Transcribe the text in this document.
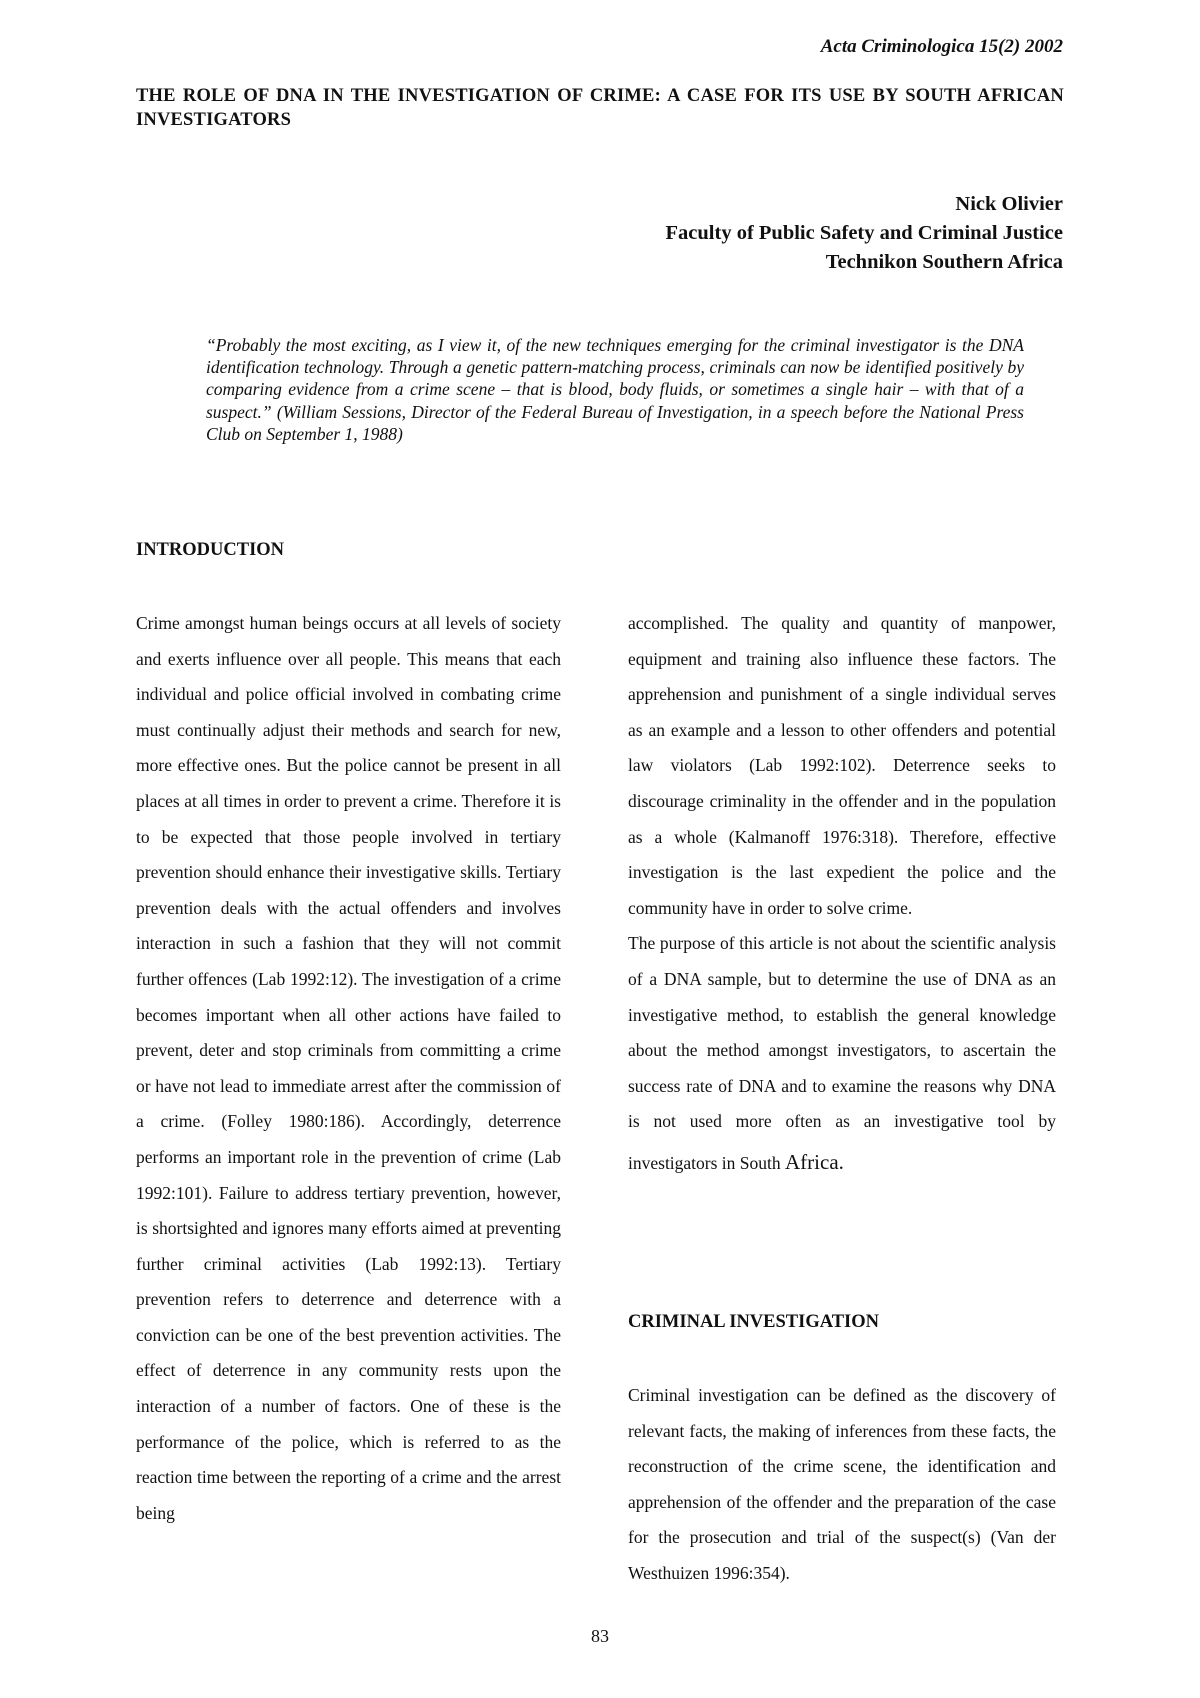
Acta Criminologica 15(2) 2002
THE ROLE OF DNA IN THE INVESTIGATION OF CRIME: A CASE FOR ITS USE BY SOUTH AFRICAN INVESTIGATORS
Nick Olivier
Faculty of Public Safety and Criminal Justice
Technikon Southern Africa
“Probably the most exciting, as I view it, of the new techniques emerging for the criminal investigator is the DNA identification technology. Through a genetic pattern-matching process, criminals can now be identified positively by comparing evidence from a crime scene – that is blood, body fluids, or sometimes a single hair – with that of a suspect.” (William Sessions, Director of the Federal Bureau of Investigation, in a speech before the National Press Club on September 1, 1988)
INTRODUCTION

Crime amongst human beings occurs at all levels of society and exerts influence over all people. This means that each individual and police official involved in combating crime must continually adjust their methods and search for new, more effective ones. But the police cannot be present in all places at all times in order to prevent a crime. Therefore it is to be expected that those people involved in tertiary prevention should enhance their investigative skills. Tertiary prevention deals with the actual offenders and involves interaction in such a fashion that they will not commit further offences (Lab 1992:12). The investigation of a crime becomes important when all other actions have failed to prevent, deter and stop criminals from committing a crime or have not lead to immediate arrest after the commission of a crime. (Folley 1980:186). Accordingly, deterrence performs an important role in the prevention of crime (Lab 1992:101). Failure to address tertiary prevention, however, is shortsighted and ignores many efforts aimed at preventing further criminal activities (Lab 1992:13). Tertiary prevention refers to deterrence and deterrence with a conviction can be one of the best prevention activities. The effect of deterrence in any community rests upon the interaction of a number of factors. One of these is the performance of the police, which is referred to as the reaction time between the reporting of a crime and the arrest being

accomplished. The quality and quantity of manpower, equipment and training also influence these factors. The apprehension and punishment of a single individual serves as an example and a lesson to other offenders and potential law violators (Lab 1992:102). Deterrence seeks to discourage criminality in the offender and in the population as a whole (Kalmanoff 1976:318). Therefore, effective investigation is the last expedient the police and the community have in order to solve crime.

The purpose of this article is not about the scientific analysis of a DNA sample, but to determine the use of DNA as an investigative method, to establish the general knowledge about the method amongst investigators, to ascertain the success rate of DNA and to examine the reasons why DNA is not used more often as an investigative tool by investigators in South Africa.

CRIMINAL INVESTIGATION

Criminal investigation can be defined as the discovery of relevant facts, the making of inferences from these facts, the reconstruction of the crime scene, the identification and apprehension of the offender and the preparation of the case for the prosecution and trial of the suspect(s) (Van der Westhuizen 1996:354).

83
